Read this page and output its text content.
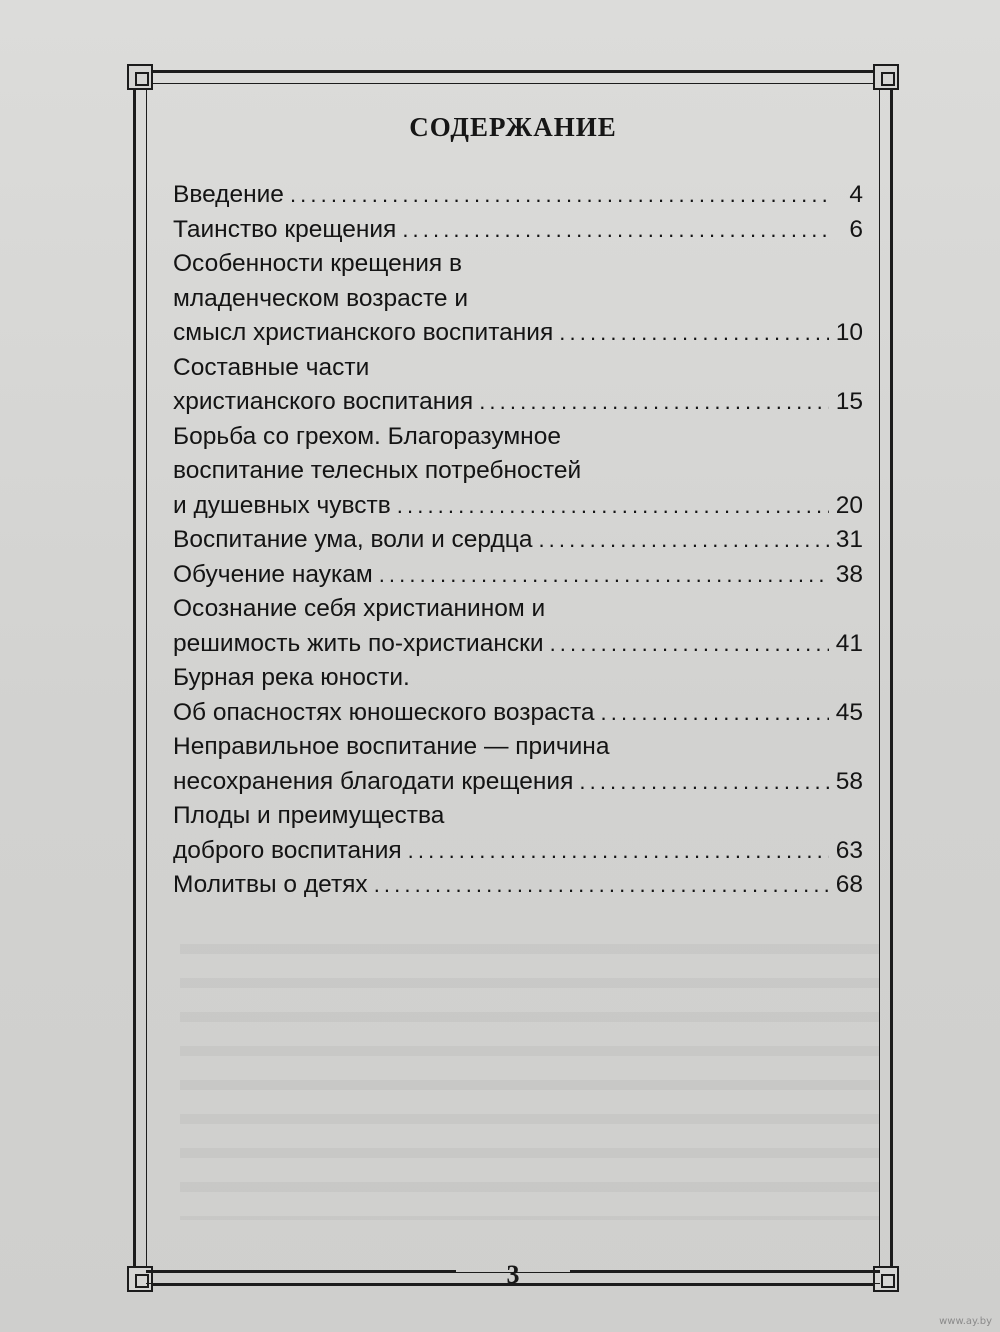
СОДЕРЖАНИЕ
Введение . . .	4
Таинство крещения . . .	6
Особенности крещения в
младенческом возрасте и
смысл христианского воспитания . . .	10
Составные части
христианского воспитания . . .	15
Борьба со грехом. Благоразумное
воспитание телесных потребностей
и душевных чувств . . .	20
Воспитание ума, воли и сердца . . .	31
Обучение наукам . . .	38
Осознание себя христианином и
решимость жить по-христиански . . .	41
Бурная река юности.
Об опасностях юношеского возраста . . .	45
Неправильное воспитание — причина
несохранения благодати крещения . . .	58
Плоды и преимущества
доброго воспитания . . .	63
Молитвы о детях . . .	68
3
www.ay.by
